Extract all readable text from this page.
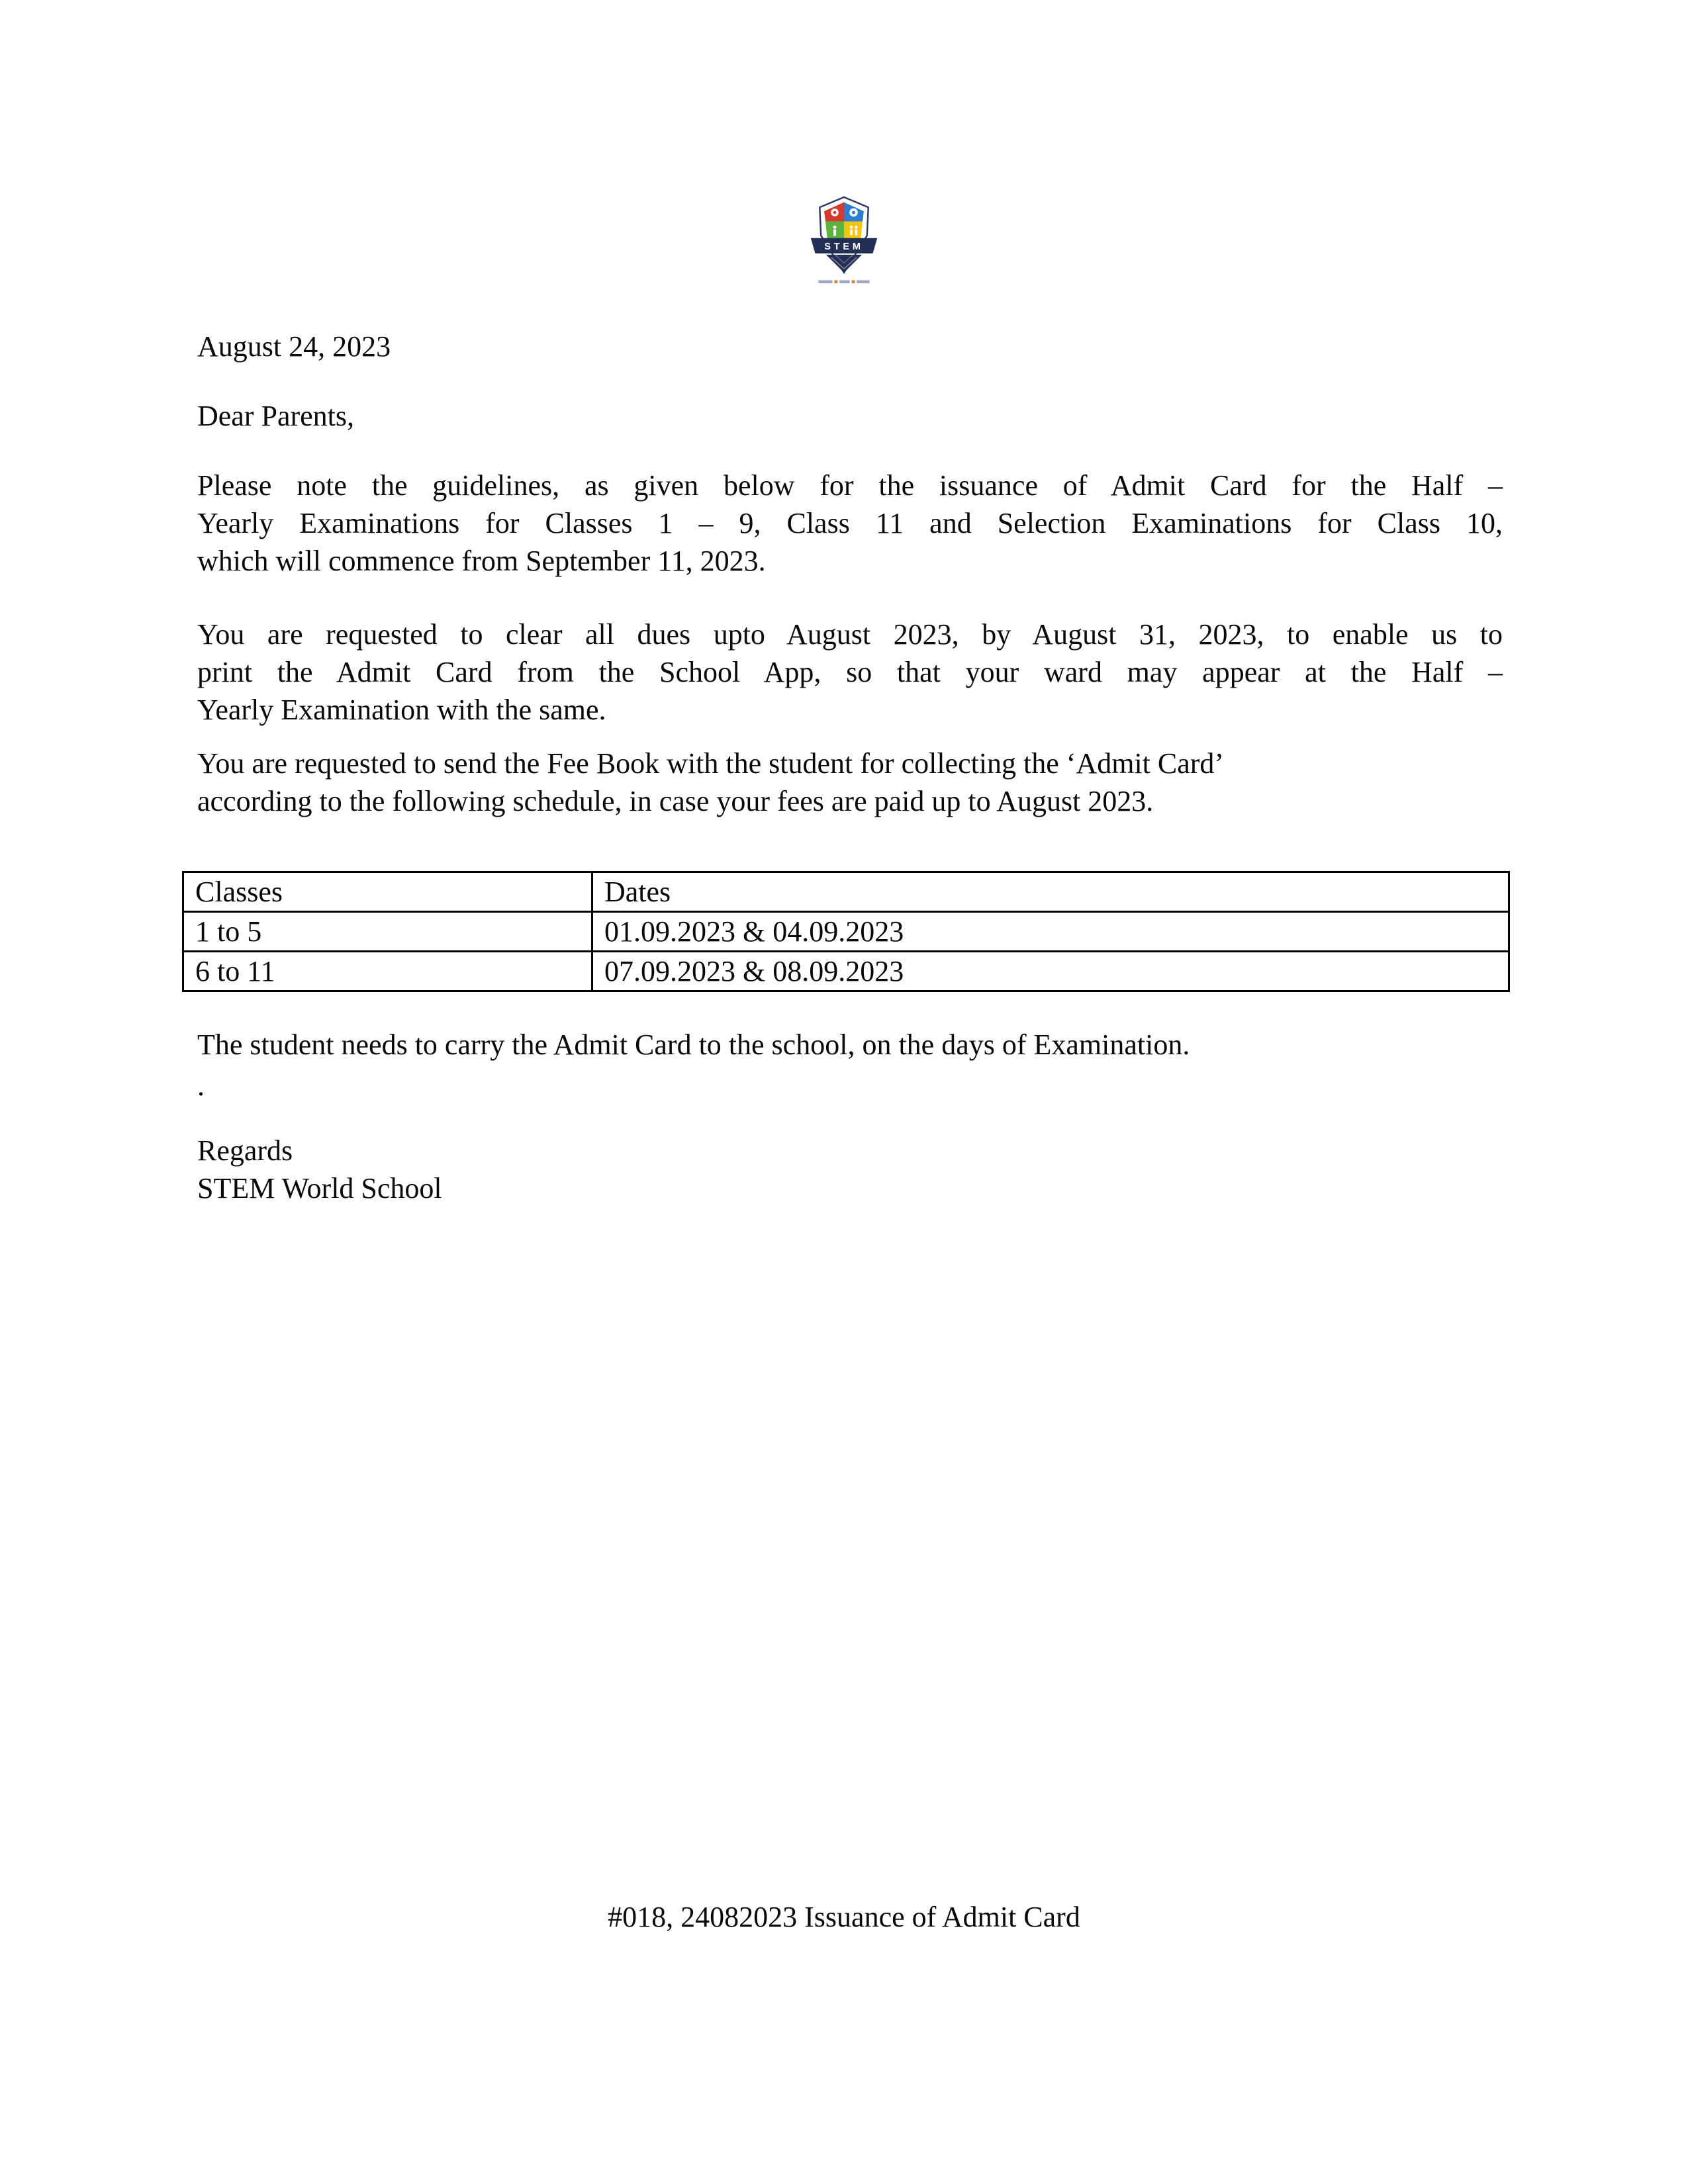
STEM
August 24, 2023
Dear Parents,
Please note the guidelines, as given below for the issuance of Admit Card for the Half –
Yearly Examinations for Classes 1 – 9, Class 11 and Selection Examinations for Class 10,
which will commence from September 11, 2023.
You are requested to clear all dues upto August 2023, by August 31, 2023, to enable us to
print the Admit Card from the School App, so that your ward may appear at the Half –
Yearly Examination with the same.
You are requested to send the Fee Book with the student for collecting the ‘Admit Card’
according to the following schedule, in case your fees are paid up to August 2023.
Classes	Dates
1 to 5	01.09.2023 & 04.09.2023
6 to 11	07.09.2023 & 08.09.2023
The student needs to carry the Admit Card to the school, on the days of Examination.
.
Regards
STEM World School
#018, 24082023 Issuance of Admit Card
